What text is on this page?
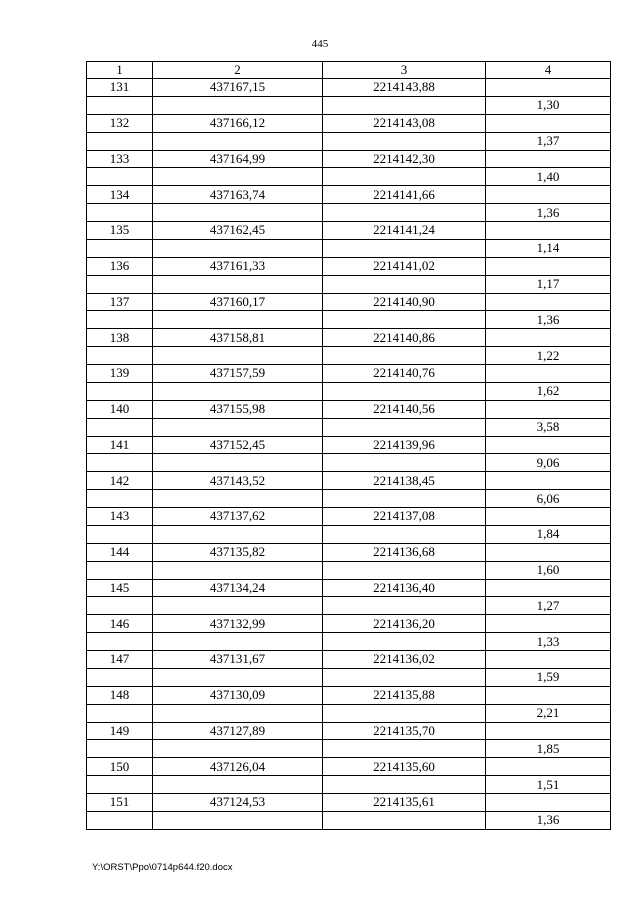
445
1	2	3	4
131	437167,15	2214143,88	
			1,30
132	437166,12	2214143,08	
			1,37
133	437164,99	2214142,30	
			1,40
134	437163,74	2214141,66	
			1,36
135	437162,45	2214141,24	
			1,14
136	437161,33	2214141,02	
			1,17
137	437160,17	2214140,90	
			1,36
138	437158,81	2214140,86	
			1,22
139	437157,59	2214140,76	
			1,62
140	437155,98	2214140,56	
			3,58
141	437152,45	2214139,96	
			9,06
142	437143,52	2214138,45	
			6,06
143	437137,62	2214137,08	
			1,84
144	437135,82	2214136,68	
			1,60
145	437134,24	2214136,40	
			1,27
146	437132,99	2214136,20	
			1,33
147	437131,67	2214136,02	
			1,59
148	437130,09	2214135,88	
			2,21
149	437127,89	2214135,70	
			1,85
150	437126,04	2214135,60	
			1,51
151	437124,53	2214135,61	
			1,36
Y:\ORST\Ppo\0714p644.f20.docx
